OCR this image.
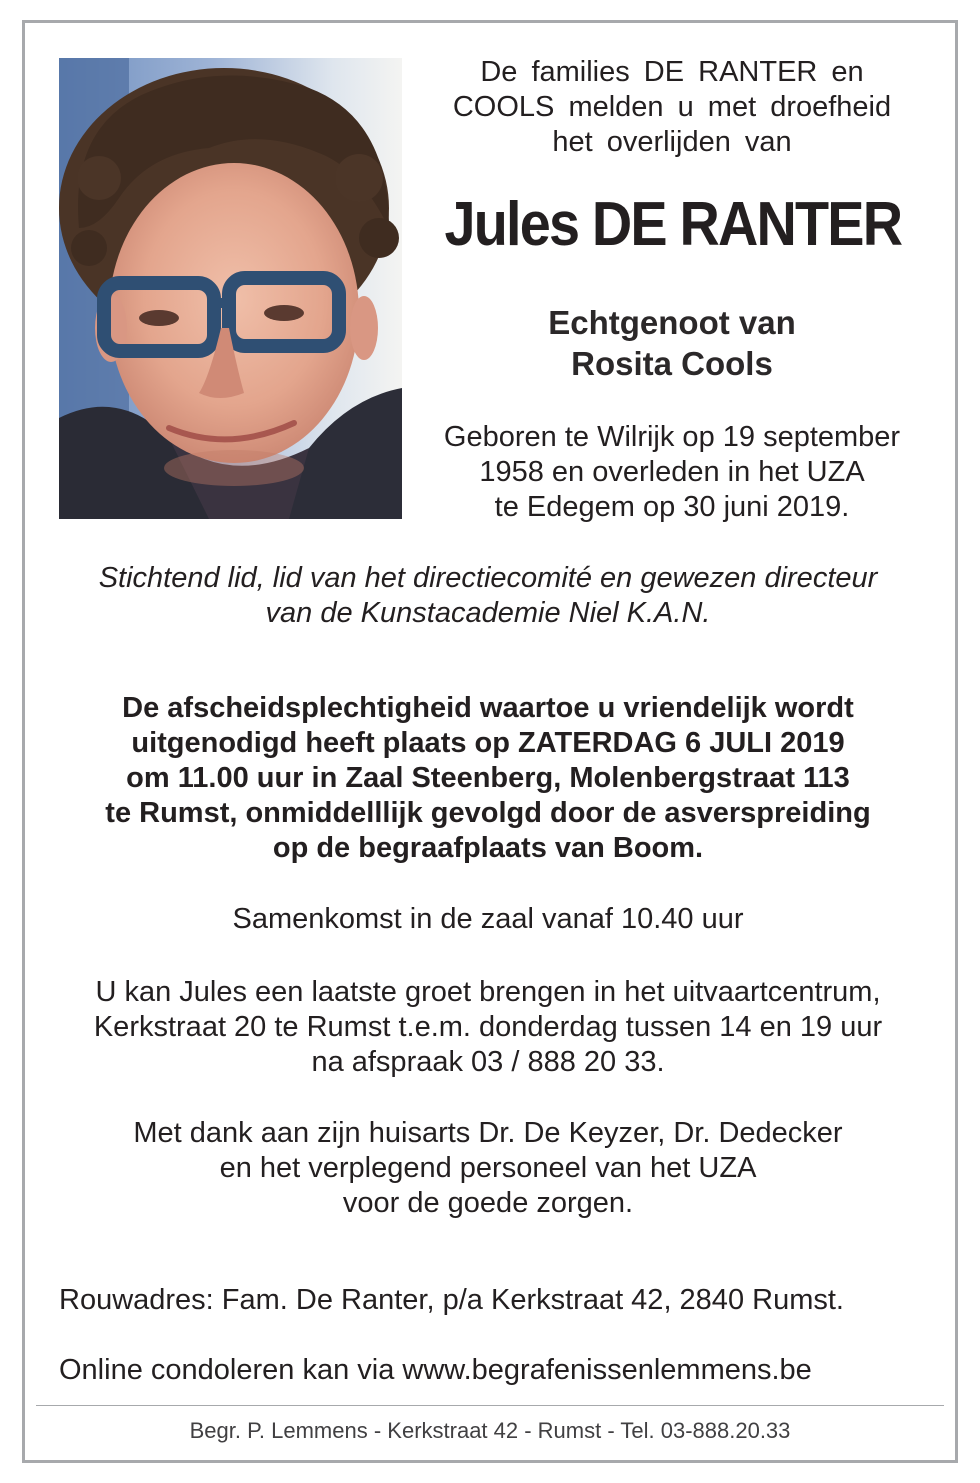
De families DE RANTER en
COOLS melden u met droefheid
het overlijden van
Jules DE RANTER
Echtgenoot van
Rosita Cools
Geboren te Wilrijk op 19 september
1958 en overleden in het UZA
te Edegem op 30 juni 2019.
Stichtend lid, lid van het directiecomité en gewezen directeur
van de Kunstacademie Niel K.A.N.
De afscheidsplechtigheid waartoe u vriendelijk wordt
uitgenodigd heeft plaats op ZATERDAG 6 JULI 2019
om 11.00 uur in Zaal Steenberg, Molenbergstraat 113
te Rumst, onmiddelllijk gevolgd door de asverspreiding
op de begraafplaats van Boom.
Samenkomst in de zaal vanaf 10.40 uur
U kan Jules een laatste groet brengen in het uitvaartcentrum,
Kerkstraat 20 te Rumst t.e.m. donderdag tussen 14 en 19 uur
na afspraak 03 / 888 20 33.
Met dank aan zijn huisarts Dr. De Keyzer, Dr. Dedecker
en het verplegend personeel van het UZA
voor de goede zorgen.
Rouwadres: Fam. De Ranter, p/a Kerkstraat 42, 2840 Rumst.
Online condoleren kan via www.begrafenissenlemmens.be
Begr. P. Lemmens - Kerkstraat 42 - Rumst - Tel. 03-888.20.33
